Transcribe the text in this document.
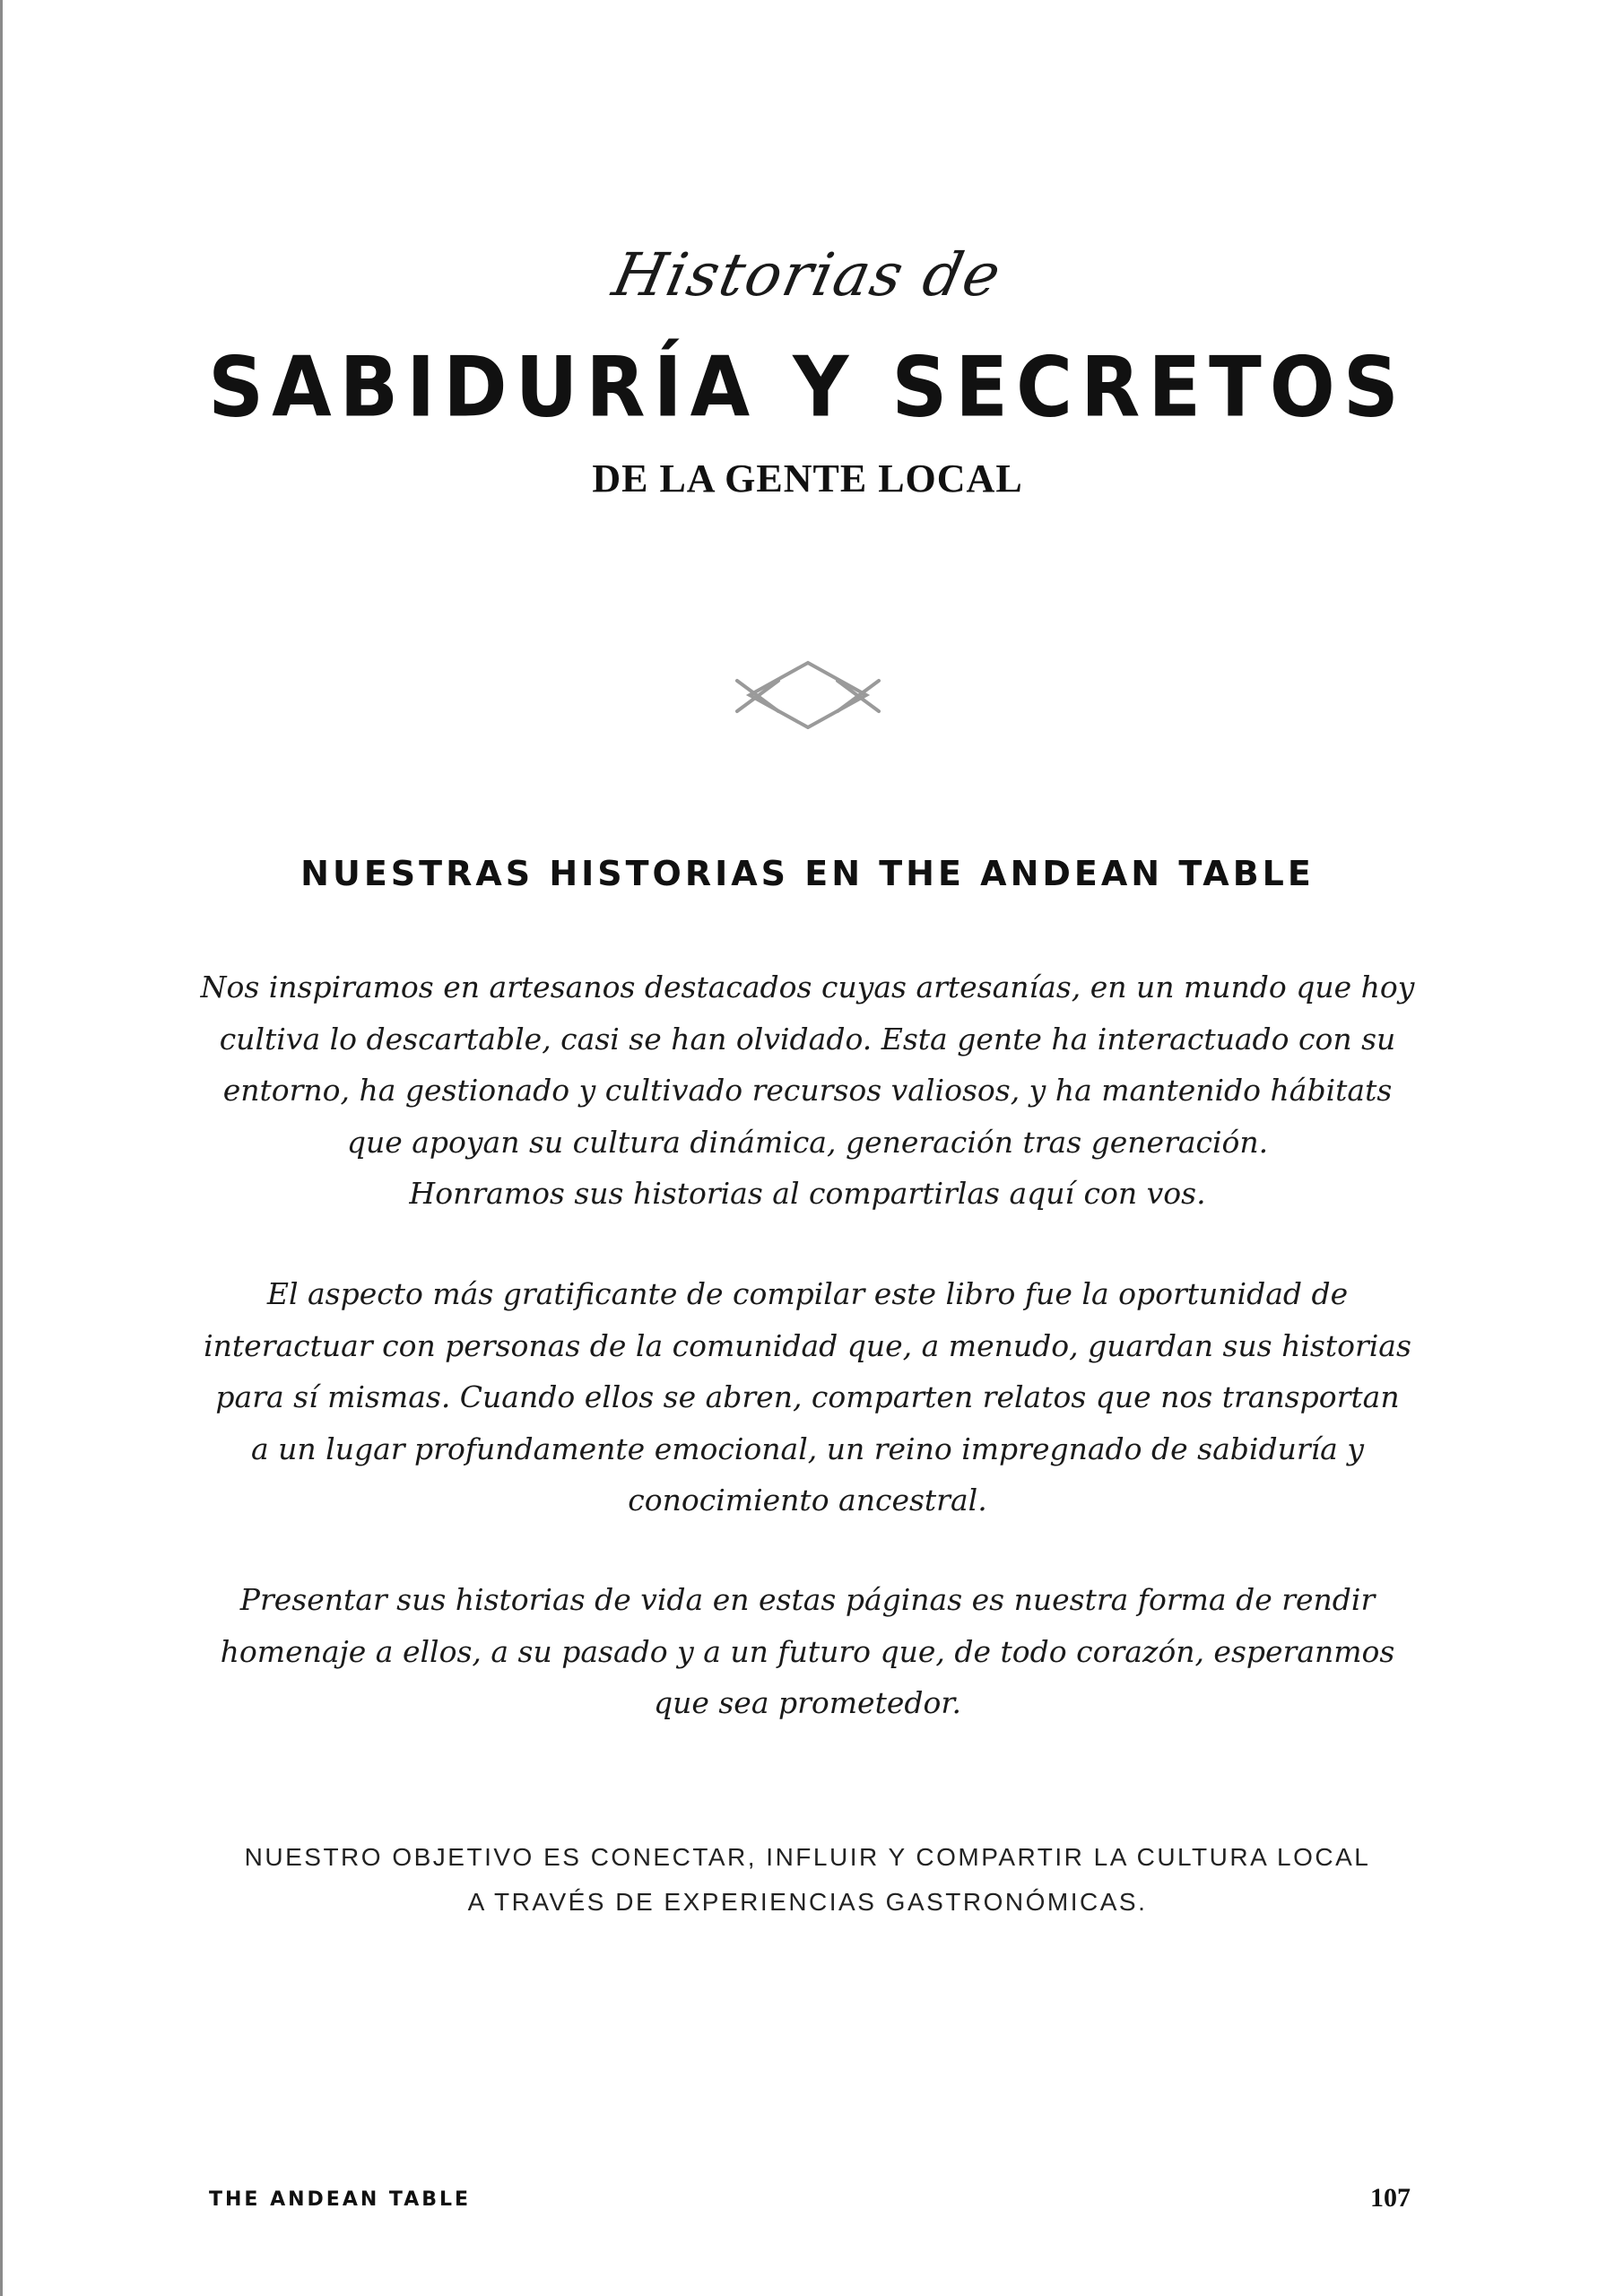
Historias de
SABIDURÍA Y SECRETOS
DE LA GENTE LOCAL
NUESTRAS HISTORIAS EN THE ANDEAN TABLE
Nos inspiramos en artesanos destacados cuyas artesanías, en un mundo que hoy
cultiva lo descartable, casi se han olvidado. Esta gente ha interactuado con su
entorno, ha gestionado y cultivado recursos valiosos, y ha mantenido hábitats
que apoyan su cultura dinámica, generación tras generación.
Honramos sus historias al compartirlas aquí con vos.
El aspecto más gratificante de compilar este libro fue la oportunidad de
interactuar con personas de la comunidad que, a menudo, guardan sus historias
para sí mismas. Cuando ellos se abren, comparten relatos que nos transportan
a un lugar profundamente emocional, un reino impregnado de sabiduría y
conocimiento ancestral.
Presentar sus historias de vida en estas páginas es nuestra forma de rendir
homenaje a ellos, a su pasado y a un futuro que, de todo corazón, esperanmos
que sea prometedor.
NUESTRO OBJETIVO ES CONECTAR, INFLUIR Y COMPARTIR LA CULTURA LOCAL
A TRAVÉS DE EXPERIENCIAS GASTRONÓMICAS.
THE ANDEAN TABLE	107
